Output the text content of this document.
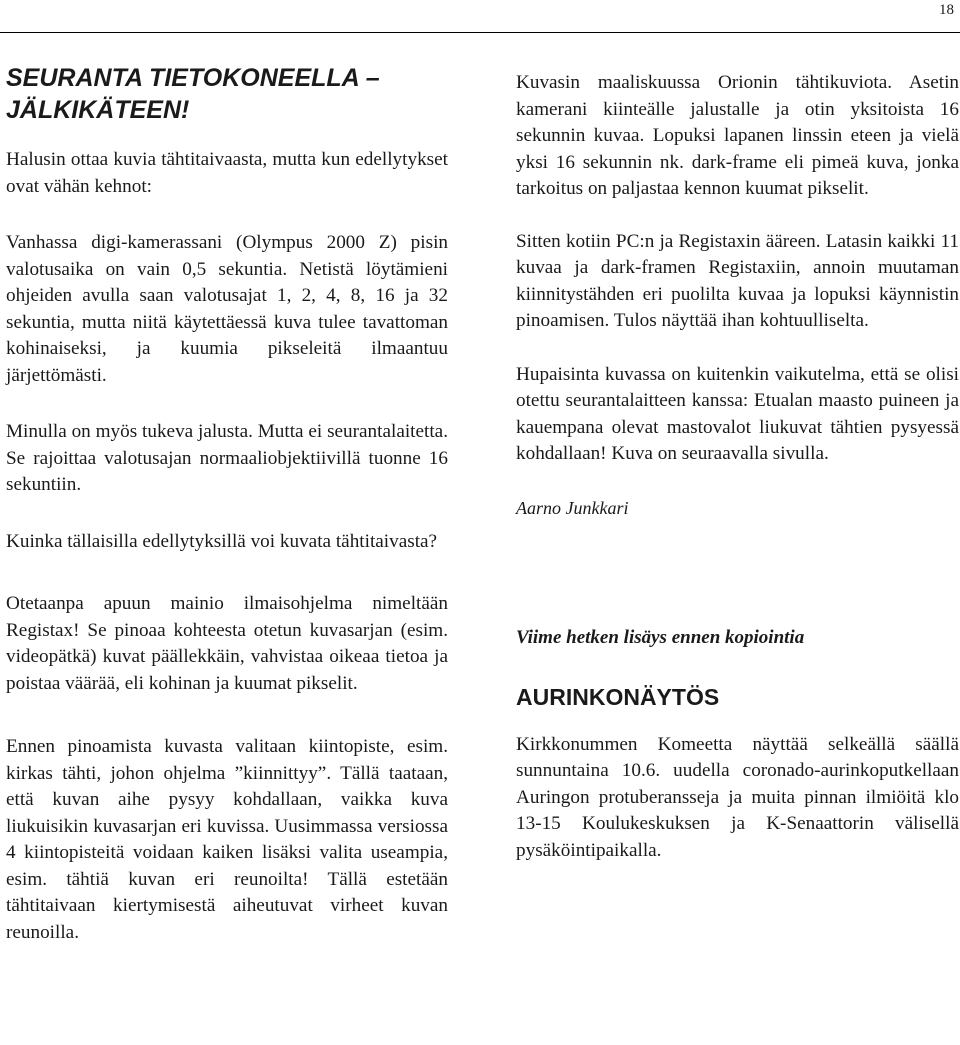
18
SEURANTA TIETOKONEELLA –
JÄLKIKÄTEEN!

Halusin ottaa kuvia tähtitaivaasta, mutta kun edellytykset ovat vähän kehnot:

Vanhassa digi-kamerassani (Olympus 2000 Z) pisin valotusaika on vain 0,5 sekuntia. Netistä löytämieni ohjeiden avulla saan valotusajat 1, 2, 4, 8, 16 ja 32 sekuntia, mutta niitä käytettäessä kuva tulee tavattoman kohinaiseksi, ja kuumia pikseleitä ilmaantuu järjettömästi.

Minulla on myös tukeva jalusta. Mutta ei seurantalaitetta. Se rajoittaa valotusajan normaaliobjektiivillä tuonne 16 sekuntiin.

Kuinka tällaisilla edellytyksillä voi kuvata tähtitaivasta?

Otetaanpa apuun mainio ilmaisohjelma nimeltään Registax! Se pinoaa kohteesta otetun kuvasarjan (esim. videopätkä) kuvat päällekkäin, vahvistaa oikeaa tietoa ja poistaa väärää, eli kohinan ja kuumat pikselit.

Ennen pinoamista kuvasta valitaan kiintopiste, esim. kirkas tähti, johon ohjelma ”kiinnittyy”. Tällä taataan, että kuvan aihe pysyy kohdallaan, vaikka kuva liukuisikin kuvasarjan eri kuvissa. Uusimmassa versiossa 4 kiintopisteitä voidaan kaiken lisäksi valita useampia, esim. tähtiä kuvan eri reunoilta! Tällä estetään tähtitaivaan kiertymisestä aiheutuvat virheet kuvan reunoilla.

Kuvasin maaliskuussa Orionin tähtikuviota. Asetin kamerani kiinteälle jalustalle ja otin yksitoista 16 sekunnin kuvaa. Lopuksi lapanen linssin eteen ja vielä yksi 16 sekunnin nk. dark-frame eli pimeä kuva, jonka tarkoitus on paljastaa kennon kuumat pikselit.

Sitten kotiin PC:n ja Registaxin ääreen. Latasin kaikki 11 kuvaa ja dark-framen Registaxiin, annoin muutaman kiinnitystähden eri puolilta kuvaa ja lopuksi käynnistin pinoamisen. Tulos näyttää ihan kohtuulliselta.

Hupaisinta kuvassa on kuitenkin vaikutelma, että se olisi otettu seurantalaitteen kanssa: Etualan maasto puineen ja kauempana olevat mastovalot liukuvat tähtien pysyessä kohdallaan! Kuva on seuraavalla sivulla.

Aarno Junkkari

Viime hetken lisäys ennen kopiointia

AURINKONÄYTÖS

Kirkkonummen Komeetta näyttää selkeällä säällä sunnuntaina 10.6. uudella coronado-aurinkoputkellaan Auringon protuberansseja ja muita pinnan ilmiöitä klo 13-15 Koulukeskuksen ja K-Senaattorin välisellä pysäköintipaikalla.
